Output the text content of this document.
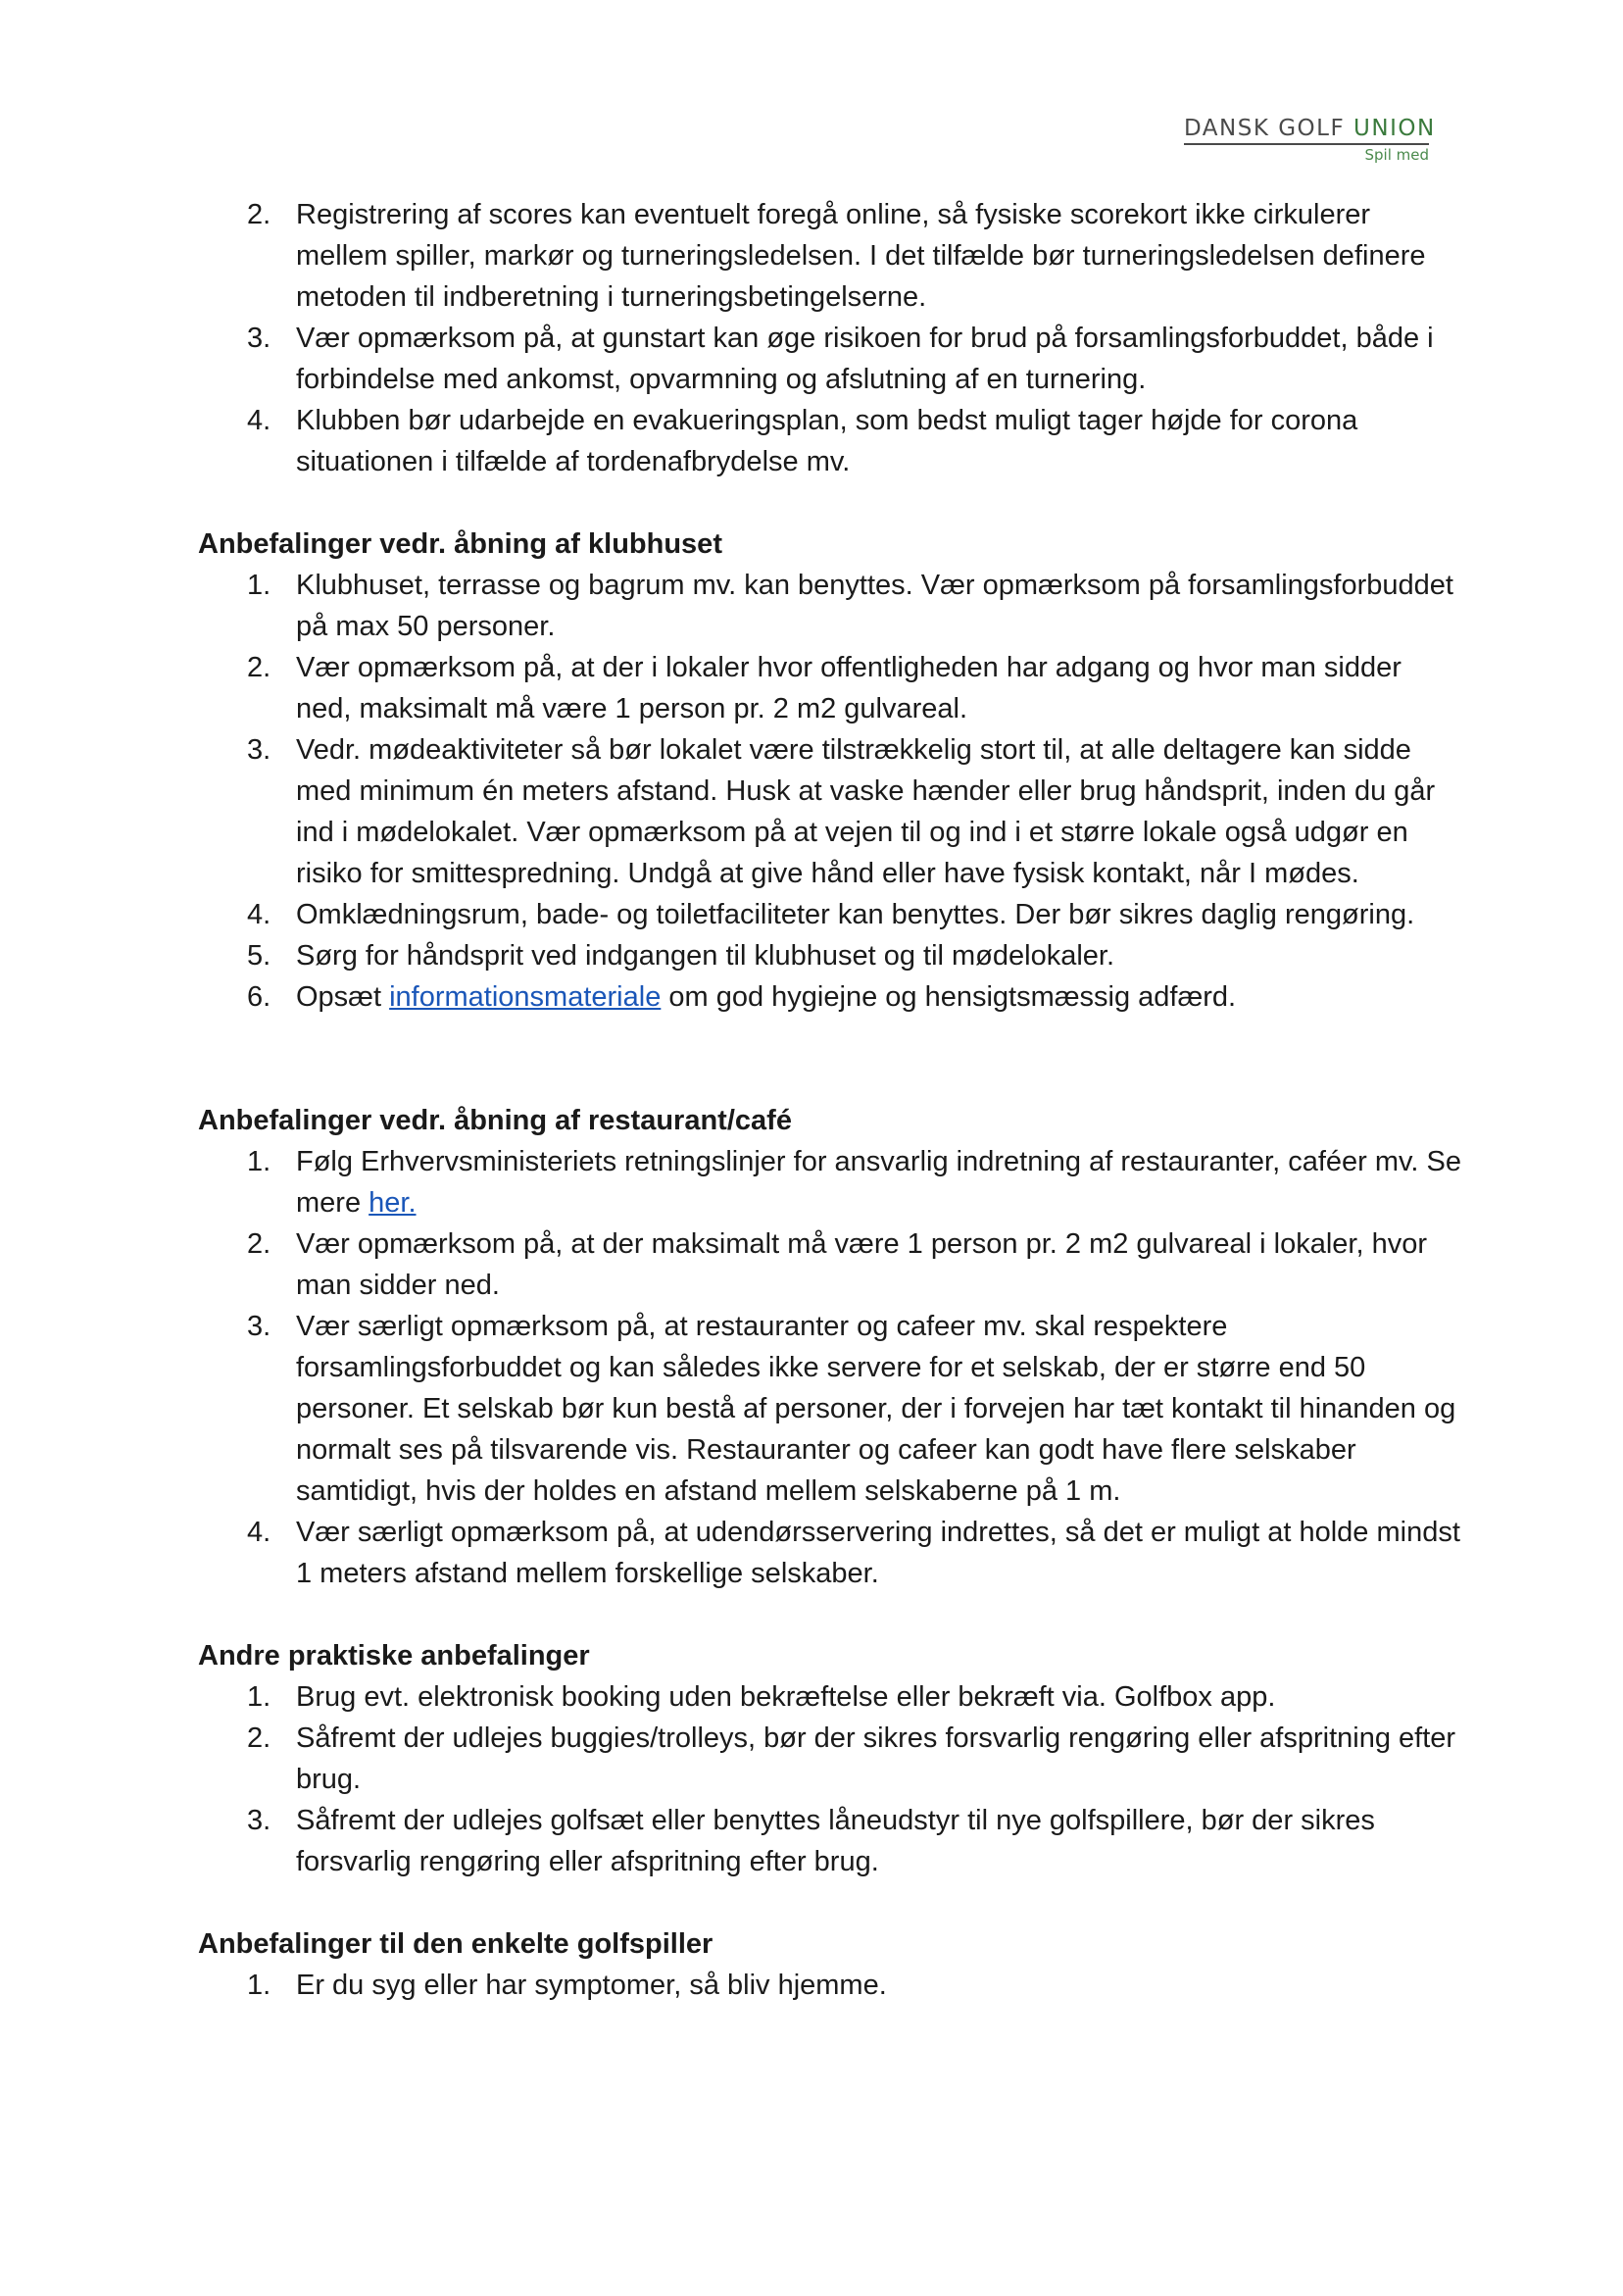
DANSK GOLF UNION
Spil med
2. Registrering af scores kan eventuelt foregå online, så fysiske scorekort ikke cirkulerer mellem spiller, markør og turneringsledelsen. I det tilfælde bør turneringsledelsen definere metoden til indberetning i turneringsbetingelserne.
3. Vær opmærksom på, at gunstart kan øge risikoen for brud på forsamlingsforbuddet, både i forbindelse med ankomst, opvarmning og afslutning af en turnering.
4. Klubben bør udarbejde en evakueringsplan, som bedst muligt tager højde for corona situationen i tilfælde af tordenafbrydelse mv.
Anbefalinger vedr. åbning af klubhuset
1. Klubhuset, terrasse og bagrum mv. kan benyttes. Vær opmærksom på forsamlingsforbuddet på max 50 personer.
2. Vær opmærksom på, at der i lokaler hvor offentligheden har adgang og hvor man sidder ned, maksimalt må være 1 person pr. 2 m2 gulvareal.
3. Vedr. mødeaktiviteter så bør lokalet være tilstrækkelig stort til, at alle deltagere kan sidde med minimum én meters afstand. Husk at vaske hænder eller brug håndsprit, inden du går ind i mødelokalet. Vær opmærksom på at vejen til og ind i et større lokale også udgør en risiko for smittespredning. Undgå at give hånd eller have fysisk kontakt, når I mødes.
4. Omklædningsrum, bade- og toiletfaciliteter kan benyttes. Der bør sikres daglig rengøring.
5. Sørg for håndsprit ved indgangen til klubhuset og til mødelokaler.
6. Opsæt informationsmateriale om god hygiejne og hensigtsmæssig adfærd.
Anbefalinger vedr. åbning af restaurant/café
1. Følg Erhvervsministeriets retningslinjer for ansvarlig indretning af restauranter, caféer mv. Se mere her.
2. Vær opmærksom på, at der maksimalt må være 1 person pr. 2 m2 gulvareal i lokaler, hvor man sidder ned.
3. Vær særligt opmærksom på, at restauranter og cafeer mv. skal respektere forsamlingsforbuddet og kan således ikke servere for et selskab, der er større end 50 personer. Et selskab bør kun bestå af personer, der i forvejen har tæt kontakt til hinanden og normalt ses på tilsvarende vis. Restauranter og cafeer kan godt have flere selskaber samtidigt, hvis der holdes en afstand mellem selskaberne på 1 m.
4. Vær særligt opmærksom på, at udendørsservering indrettes, så det er muligt at holde mindst 1 meters afstand mellem forskellige selskaber.
Andre praktiske anbefalinger
1. Brug evt. elektronisk booking uden bekræftelse eller bekræft via. Golfbox app.
2. Såfremt der udlejes buggies/trolleys, bør der sikres forsvarlig rengøring eller afspritning efter brug.
3. Såfremt der udlejes golfsæt eller benyttes låneudstyr til nye golfspillere, bør der sikres forsvarlig rengøring eller afspritning efter brug.
Anbefalinger til den enkelte golfspiller
1. Er du syg eller har symptomer, så bliv hjemme.
